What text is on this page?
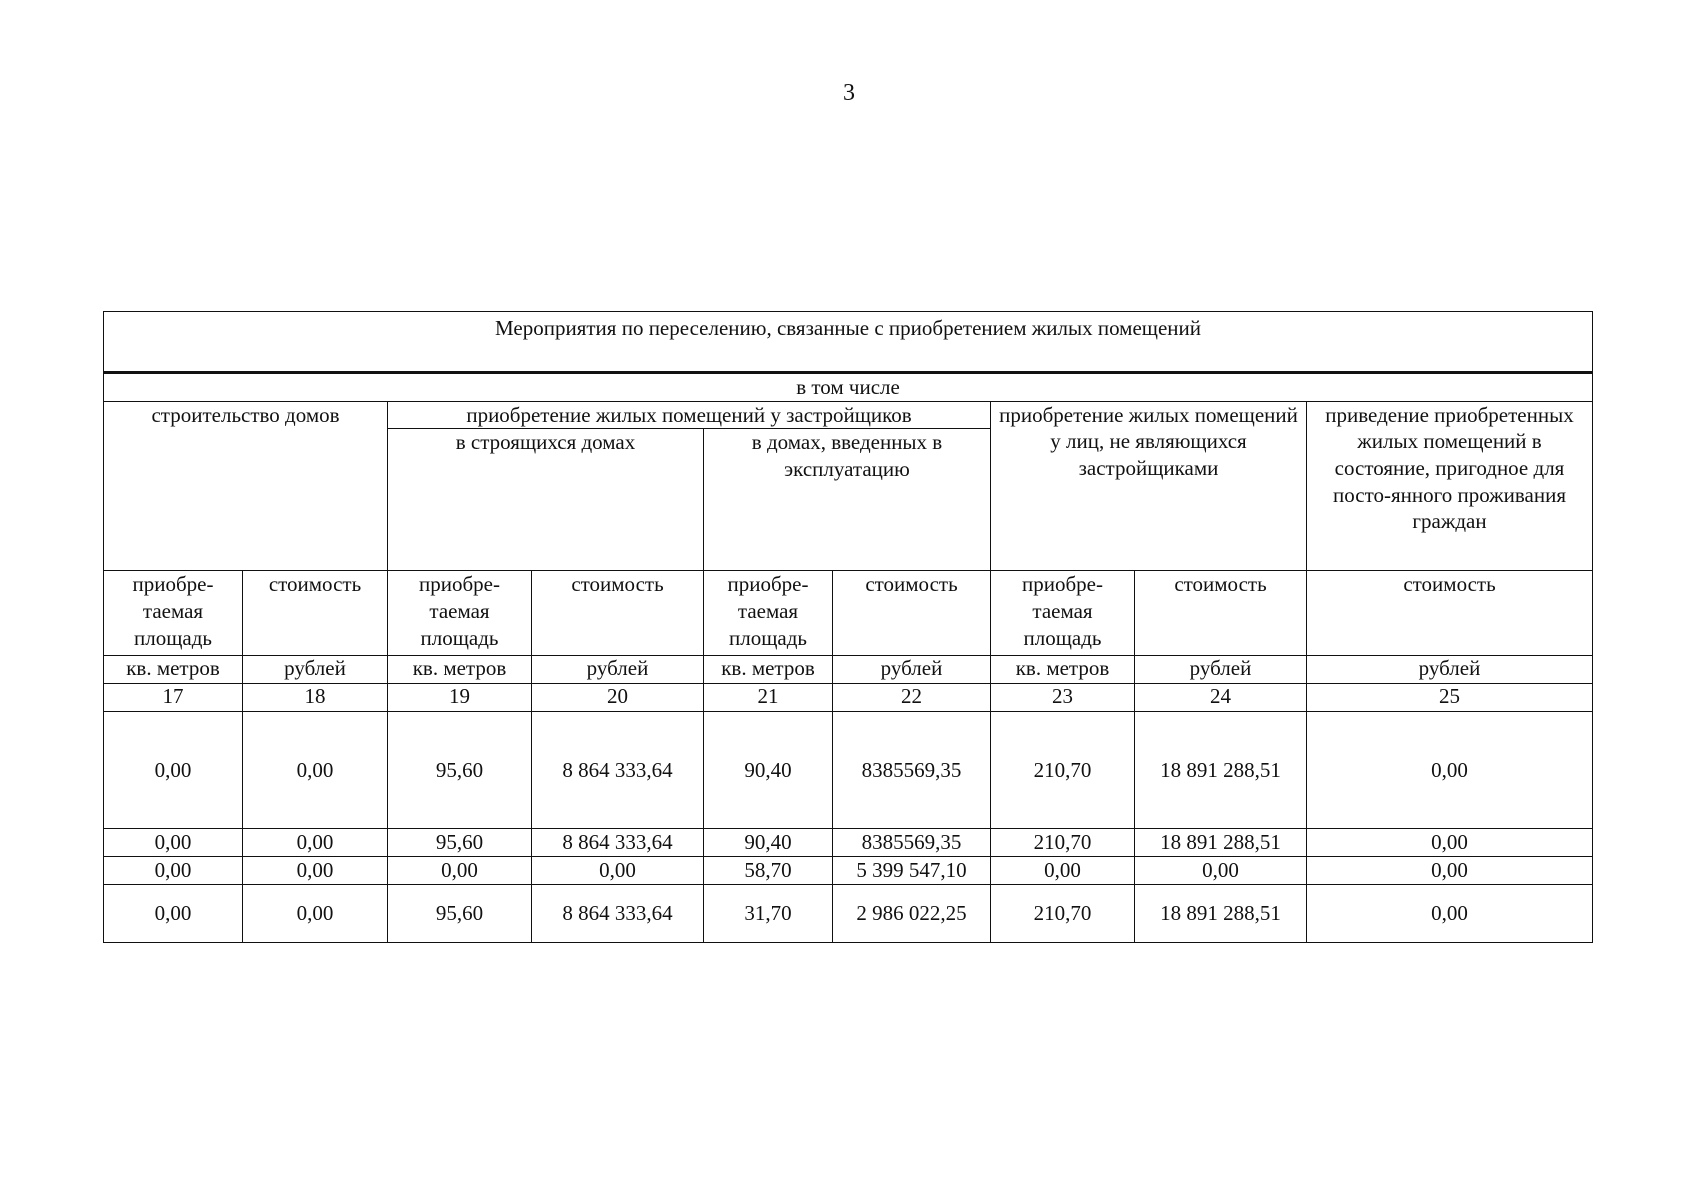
3
Мероприятия по переселению, связанные с приобретением жилых помещений								
в том числе								
строительство домов		приобретение жилых помещений у застройщиков				приобретение жилых помещений у лиц, не являющихся застройщиками		приведение приобретенных жилых помещений в состояние, пригодное для посто-янного проживания граждан
		в строящихся домах		в домах, введенных в эксплуатацию				
приобре-таемая площадь	стоимость	приобре-таемая площадь	стоимость	приобре-таемая площадь	стоимость	приобре-таемая площадь	стоимость	стоимость
кв. метров	рублей	кв. метров	рублей	кв. метров	рублей	кв. метров	рублей	рублей
17	18	19	20	21	22	23	24	25
0,00	0,00	95,60	8 864 333,64	90,40	8385569,35	210,70	18 891 288,51	0,00
0,00	0,00	95,60	8 864 333,64	90,40	8385569,35	210,70	18 891 288,51	0,00
0,00	0,00	0,00	0,00	58,70	5 399 547,10	0,00	0,00	0,00
0,00	0,00	95,60	8 864 333,64	31,70	2 986 022,25	210,70	18 891 288,51	0,00
